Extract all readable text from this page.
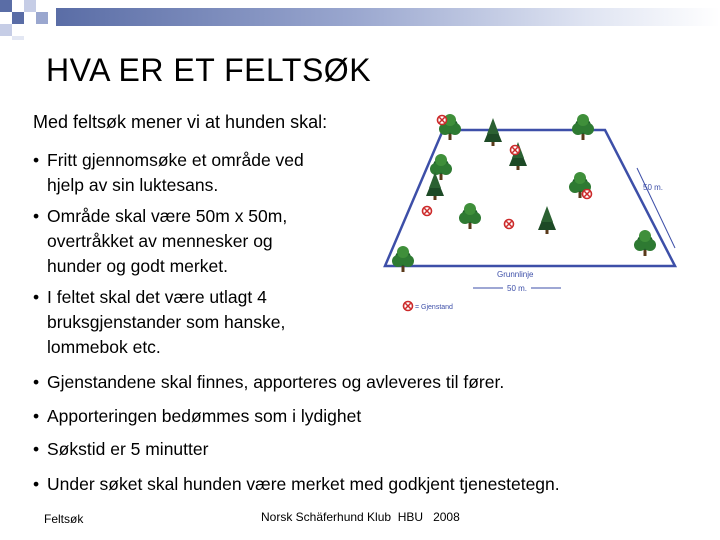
HVA ER ET FELTSØK
Med feltsøk mener vi at hunden skal:
• Fritt gjennomsøke et område ved
hjelp av sin luktesans.
• Område skal være 50m x 50m,
overtråkket av mennesker og
hunder og godt merket.
• I feltet skal det være utlagt 4
bruksgjenstander som hanske,
lommebok etc.
• Gjenstandene skal finnes, apporteres og avleveres til fører.
• Apporteringen bedømmes som i lydighet
• Søkstid er 5 minutter
• Under søket skal hunden være merket med godkjent tjenestetegn.
50 m.
Grunnlinje
50 m.
= Gjenstand
Feltsøk	Norsk Schäferhund Klub  HBU   2008
